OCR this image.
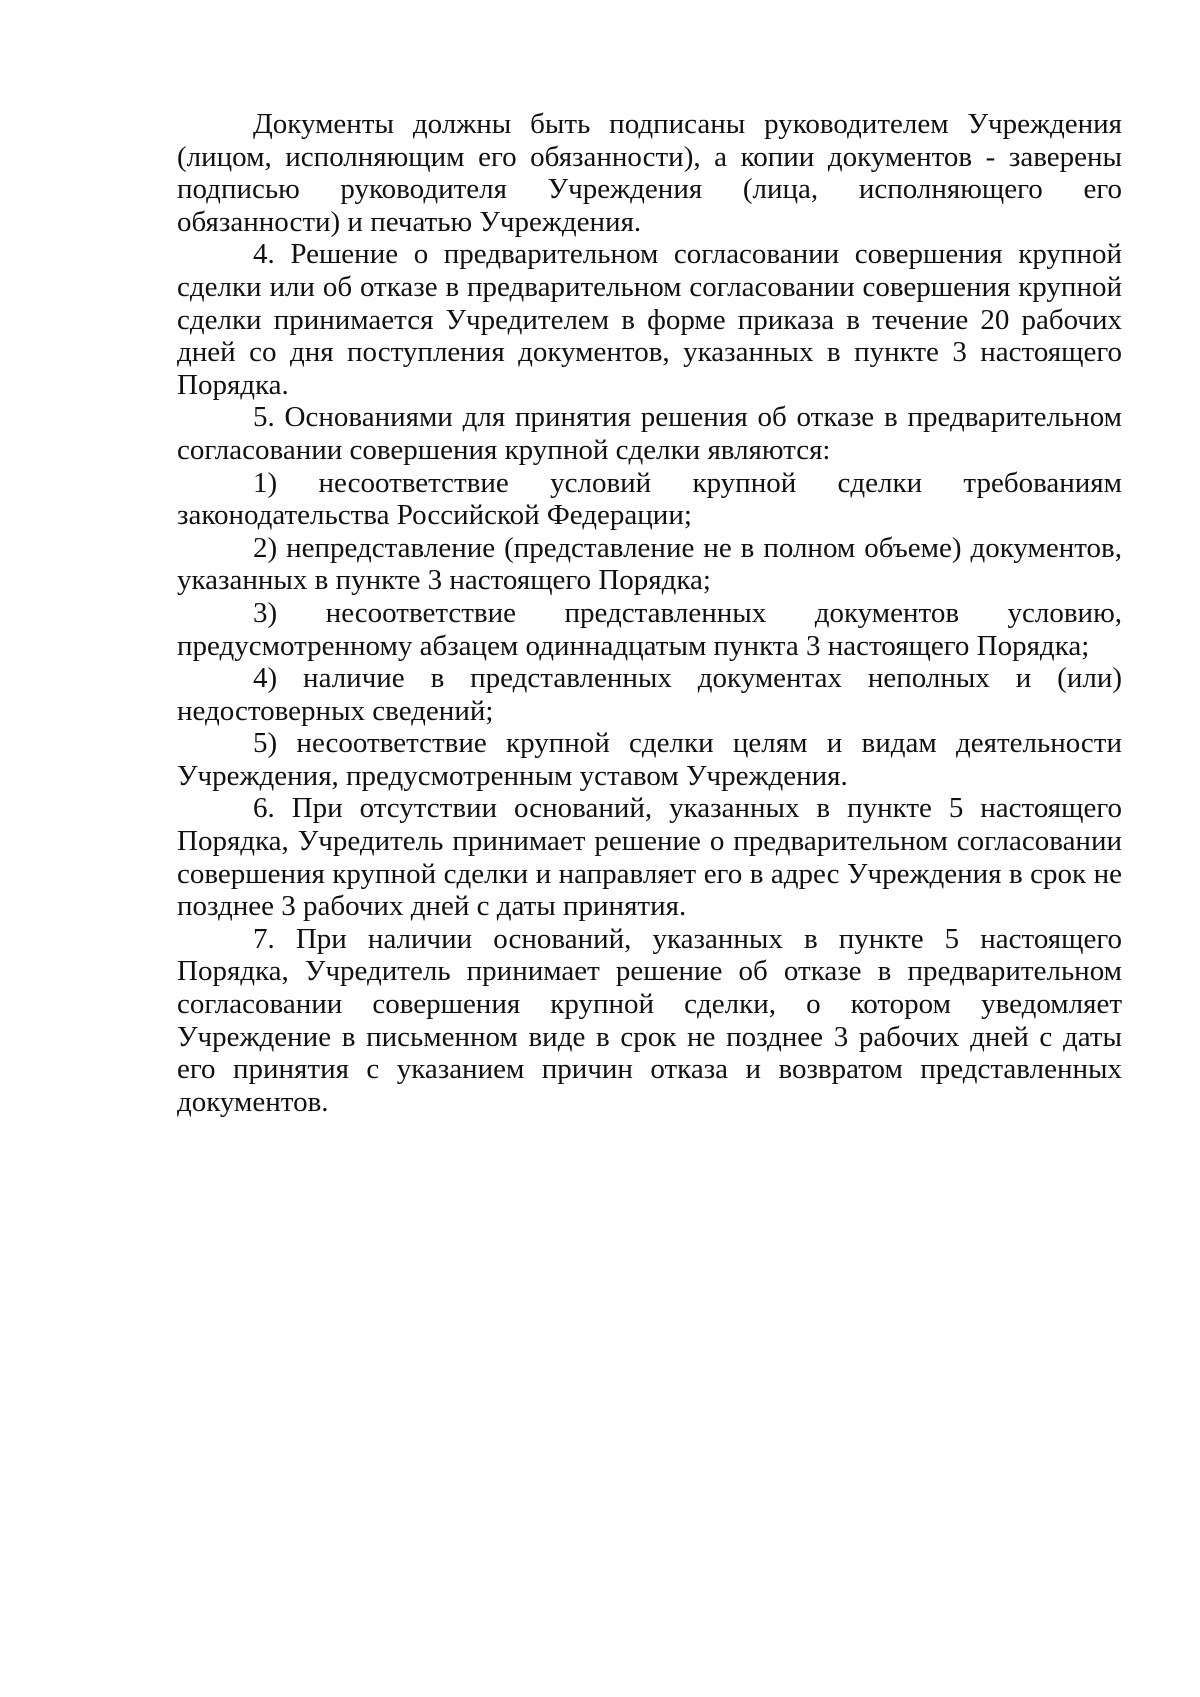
Документы должны быть подписаны руководителем Учреждения (лицом, исполняющим его обязанности), а копии документов - заверены подписью руководителя Учреждения (лица, исполняющего его обязанности) и печатью Учреждения.

4. Решение о предварительном согласовании совершения крупной сделки или об отказе в предварительном согласовании совершения крупной сделки принимается Учредителем в форме приказа в течение 20 рабочих дней со дня поступления документов, указанных в пункте 3 настоящего Порядка.

5. Основаниями для принятия решения об отказе в предварительном согласовании совершения крупной сделки являются:

1) несоответствие условий крупной сделки требованиям законодательства Российской Федерации;

2) непредставление (представление не в полном объеме) документов, указанных в пункте 3 настоящего Порядка;

3) несоответствие представленных документов условию, предусмотренному абзацем одиннадцатым пункта 3 настоящего Порядка;

4) наличие в представленных документах неполных и (или) недостоверных сведений;

5) несоответствие крупной сделки целям и видам деятельности Учреждения, предусмотренным уставом Учреждения.

6. При отсутствии оснований, указанных в пункте 5 настоящего Порядка, Учредитель принимает решение о предварительном согласовании совершения крупной сделки и направляет его в адрес Учреждения в срок не позднее 3 рабочих дней с даты принятия.

7. При наличии оснований, указанных в пункте 5 настоящего Порядка, Учредитель принимает решение об отказе в предварительном согласовании совершения крупной сделки, о котором уведомляет Учреждение в письменном виде в срок не позднее 3 рабочих дней с даты его принятия с указанием причин отказа и возвратом представленных документов.
